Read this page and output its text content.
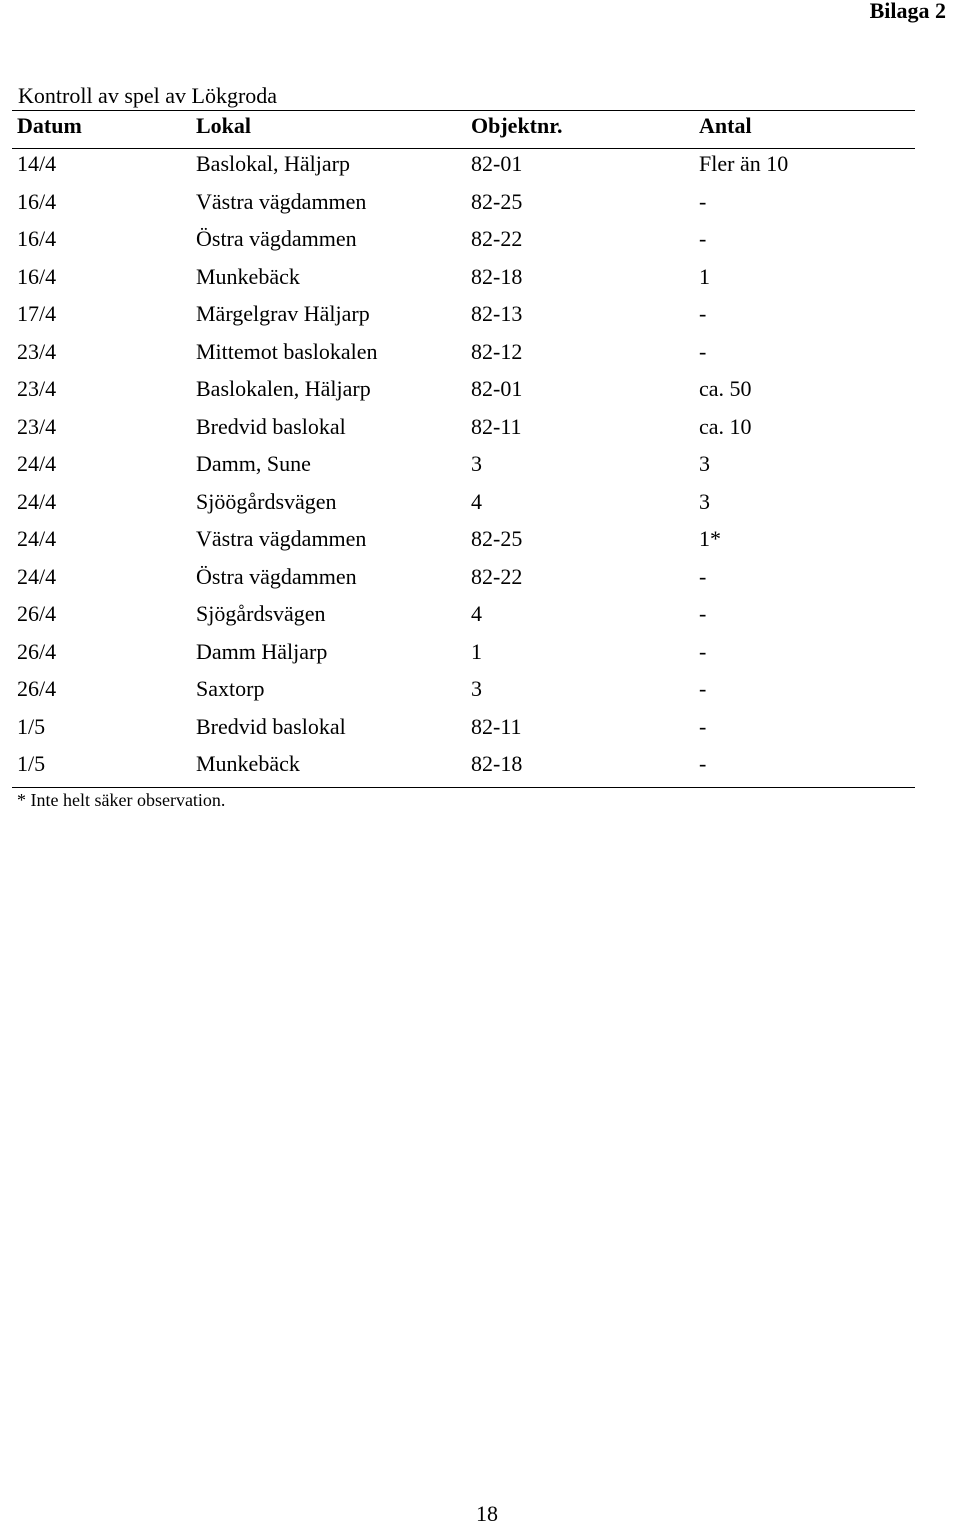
Bilaga 2
Kontroll av spel av Lökgroda
Datum	Lokal	Objektnr.	Antal
14/4	Baslokal, Häljarp	82-01	Fler än 10
16/4	Västra vägdammen	82-25	-
16/4	Östra vägdammen	82-22	-
16/4	Munkebäck	82-18	1
17/4	Märgelgrav Häljarp	82-13	-
23/4	Mittemot baslokalen	82-12	-
23/4	Baslokalen, Häljarp	82-01	ca. 50
23/4	Bredvid baslokal	82-11	ca. 10
24/4	Damm, Sune	3	3
24/4	Sjöögårdsvägen	4	3
24/4	Västra vägdammen	82-25	1*
24/4	Östra vägdammen	82-22	-
26/4	Sjögårdsvägen	4	-
26/4	Damm Häljarp	1	-
26/4	Saxtorp	3	-
1/5	Bredvid baslokal	82-11	-
1/5	Munkebäck	82-18	-
* Inte helt säker observation.
18
